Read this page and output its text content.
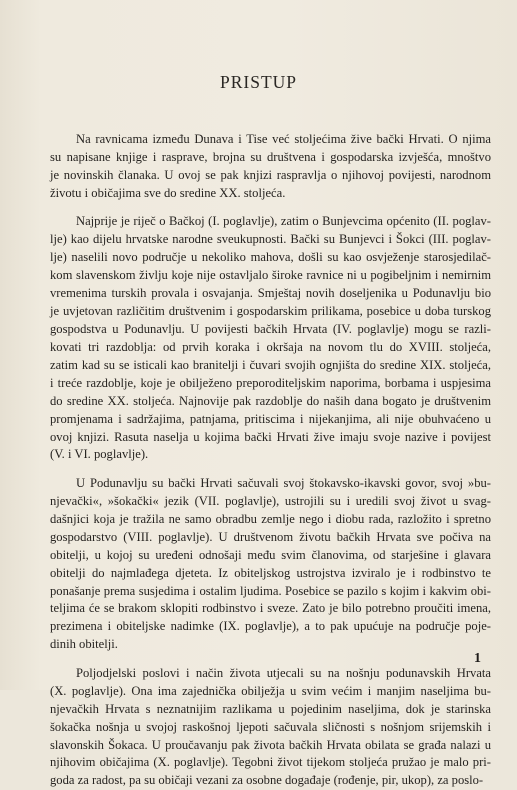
PRISTUP
Na ravnicama između Dunava i Tise već stoljećima žive bački Hrvati. O njima
su napisane knjige i rasprave, brojna su društvena i gospodarska izvješća, mnoštvo
je novinskih članaka. U ovoj se pak knjizi raspravlja o njihovoj povijesti, narodnom
životu i običajima sve do sredine XX. stoljeća.
Najprije je riječ o Bačkoj (I. poglavlje), zatim o Bunjevcima općenito (II. poglav-
lje) kao dijelu hrvatske narodne sveukupnosti. Bački su Bunjevci i Šokci (III. poglav-
lje) naselili novo područje u nekoliko mahova, došli su kao osvježenje starosjedilač-
kom slavenskom življu koje nije ostavljalo široke ravnice ni u pogibeljnim i nemirnim
vremenima turskih provala i osvajanja. Smještaj novih doseljenika u Podunavlju bio
je uvjetovan različitim društvenim i gospodarskim prilikama, posebice u doba turskog
gospodstva u Podunavlju. U povijesti bačkih Hrvata (IV. poglavlje) mogu se razli-
kovati tri razdoblja: od prvih koraka i okršaja na novom tlu do XVIII. stoljeća,
zatim kad su se isticali kao branitelji i čuvari svojih ognjišta do sredine XIX. stoljeća,
i treće razdoblje, koje je obilježeno preporoditeljskim naporima, borbama i uspjesima
do sredine XX. stoljeća. Najnovije pak razdoblje do naših dana bogato je društvenim
promjenama i sadržajima, patnjama, pritiscima i nijekanjima, ali nije obuhvaćeno u
ovoj knjizi. Rasuta naselja u kojima bački Hrvati žive imaju svoje nazive i povijest
(V. i VI. poglavlje).
U Podunavlju su bački Hrvati sačuvali svoj štokavsko-ikavski govor, svoj »bu-
njevački«, »šokački« jezik (VII. poglavlje), ustrojili su i uredili svoj život u svag-
dašnjici koja je tražila ne samo obradbu zemlje nego i diobu rada, razložito i spretno
gospodarstvo (VIII. poglavlje). U društvenom životu bačkih Hrvata sve počiva na
obitelji, u kojoj su uređeni odnošaji među svim članovima, od starješine i glavara
obitelji do najmlađega djeteta. Iz obiteljskog ustrojstva izviralo je i rodbinstvo te
ponašanje prema susjedima i ostalim ljudima. Posebice se pazilo s kojim i kakvim obi-
teljima će se brakom sklopiti rodbinstvo i svezе. Zato je bilo potrebno proučiti imena,
prezimena i obiteljske nadimke (IX. poglavlje), a to pak upućuje na područje poje-
dinih obitelji.
Poljodjelski poslovi i način života utjecali su na nošnju podunavskih Hrvata
(X. poglavlje). Ona ima zajednička obilježja u svim većim i manjim naseljima bu-
njevačkih Hrvata s neznatnijim razlikama u pojedinim naseljima, dok je starinska
šokačka nošnja u svojoj raskošnoj ljepoti sačuvala sličnosti s nošnjom srijemskih i
slavonskih Šokaca. U proučavanju pak života bačkih Hrvata obilata se građa nalazi u
njihovim običajima (X. poglavlje). Tegobni život tijekom stoljeća pružao je malo pri-
goda za radost, pa su običaji vezani za osobne događaje (rođenje, pir, ukop), za poslo-
1
